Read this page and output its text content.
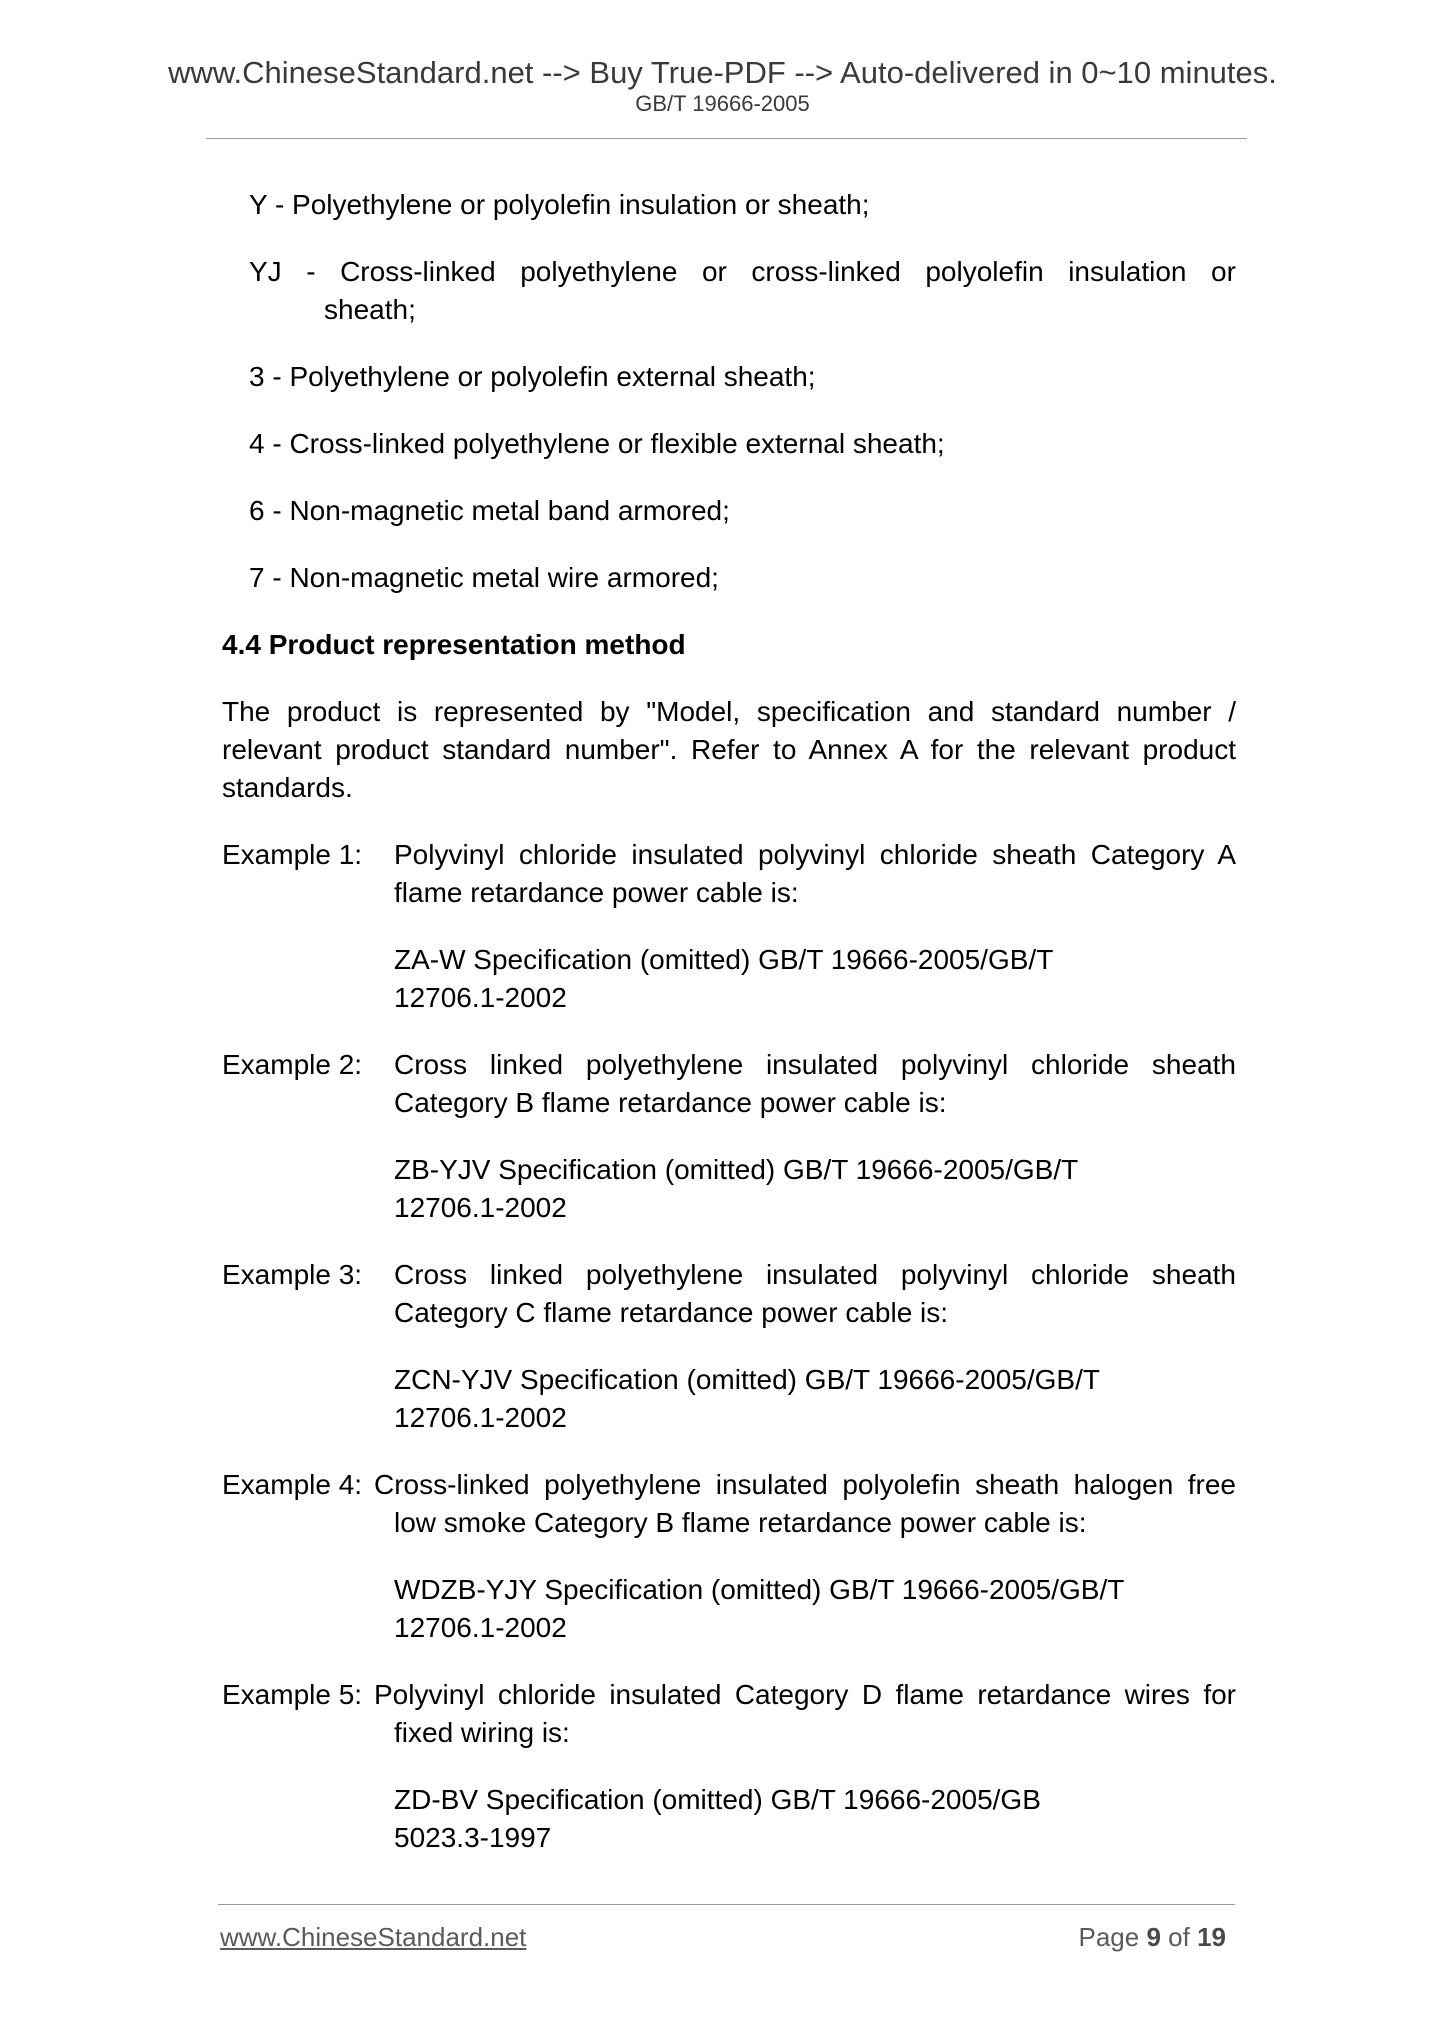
www.ChineseStandard.net --> Buy True-PDF --> Auto-delivered in 0~10 minutes.
GB/T 19666-2005
Y - Polyethylene or polyolefin insulation or sheath;
YJ - Cross-linked polyethylene or cross-linked polyolefin insulation or
sheath;
3 - Polyethylene or polyolefin external sheath;
4 - Cross-linked polyethylene or flexible external sheath;
6 - Non-magnetic metal band armored;
7 - Non-magnetic metal wire armored;
4.4 Product representation method
The product is represented by "Model, specification and standard number /
relevant product standard number". Refer to Annex A for the relevant product
standards.
Example 1: Polyvinyl chloride insulated polyvinyl chloride sheath Category A
flame retardance power cable is:
ZA-W Specification (omitted) GB/T 19666-2005/GB/T
12706.1-2002
Example 2: Cross linked polyethylene insulated polyvinyl chloride sheath
Category B flame retardance power cable is:
ZB-YJV Specification (omitted) GB/T 19666-2005/GB/T
12706.1-2002
Example 3: Cross linked polyethylene insulated polyvinyl chloride sheath
Category C flame retardance power cable is:
ZCN-YJV Specification (omitted) GB/T 19666-2005/GB/T
12706.1-2002
Example 4: Cross-linked polyethylene insulated polyolefin sheath halogen free
low smoke Category B flame retardance power cable is:
WDZB-YJY Specification (omitted) GB/T 19666-2005/GB/T
12706.1-2002
Example 5: Polyvinyl chloride insulated Category D flame retardance wires for
fixed wiring is:
ZD-BV Specification (omitted) GB/T 19666-2005/GB
5023.3-1997
www.ChineseStandard.net	Page 9 of 19
